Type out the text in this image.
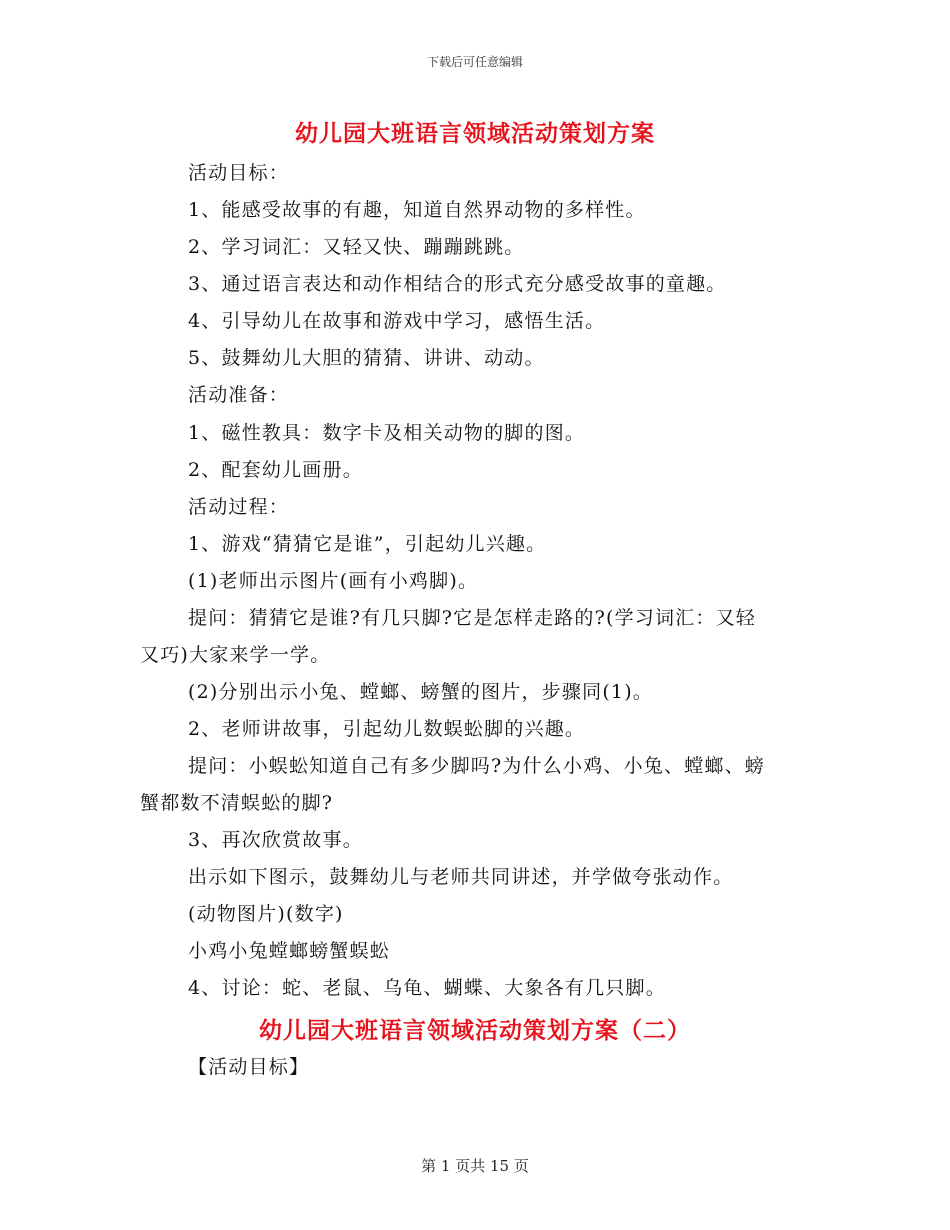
下载后可任意编辑
幼儿园大班语言领域活动策划方案
活动目标：
1、能感受故事的有趣，知道自然界动物的多样性。
2、学习词汇：又轻又快、蹦蹦跳跳。
3、通过语言表达和动作相结合的形式充分感受故事的童趣。
4、引导幼儿在故事和游戏中学习，感悟生活。
5、鼓舞幼儿大胆的猜猜、讲讲、动动。
活动准备：
1、磁性教具：数字卡及相关动物的脚的图。
2、配套幼儿画册。
活动过程：
1、游戏“猜猜它是谁”，引起幼儿兴趣。
(1)老师出示图片(画有小鸡脚)。
提问：猜猜它是谁?有几只脚?它是怎样走路的?(学习词汇：又轻
又巧)大家来学一学。
(2)分别出示小兔、螳螂、螃蟹的图片，步骤同(1)。
2、老师讲故事，引起幼儿数蜈蚣脚的兴趣。
提问：小蜈蚣知道自己有多少脚吗?为什么小鸡、小兔、螳螂、螃
蟹都数不清蜈蚣的脚?
3、再次欣赏故事。
出示如下图示，鼓舞幼儿与老师共同讲述，并学做夸张动作。
(动物图片)(数字)
小鸡小兔螳螂螃蟹蜈蚣
4、讨论：蛇、老鼠、乌龟、蝴蝶、大象各有几只脚。
幼儿园大班语言领域活动策划方案（二）
【活动目标】
第 1 页共 15 页
